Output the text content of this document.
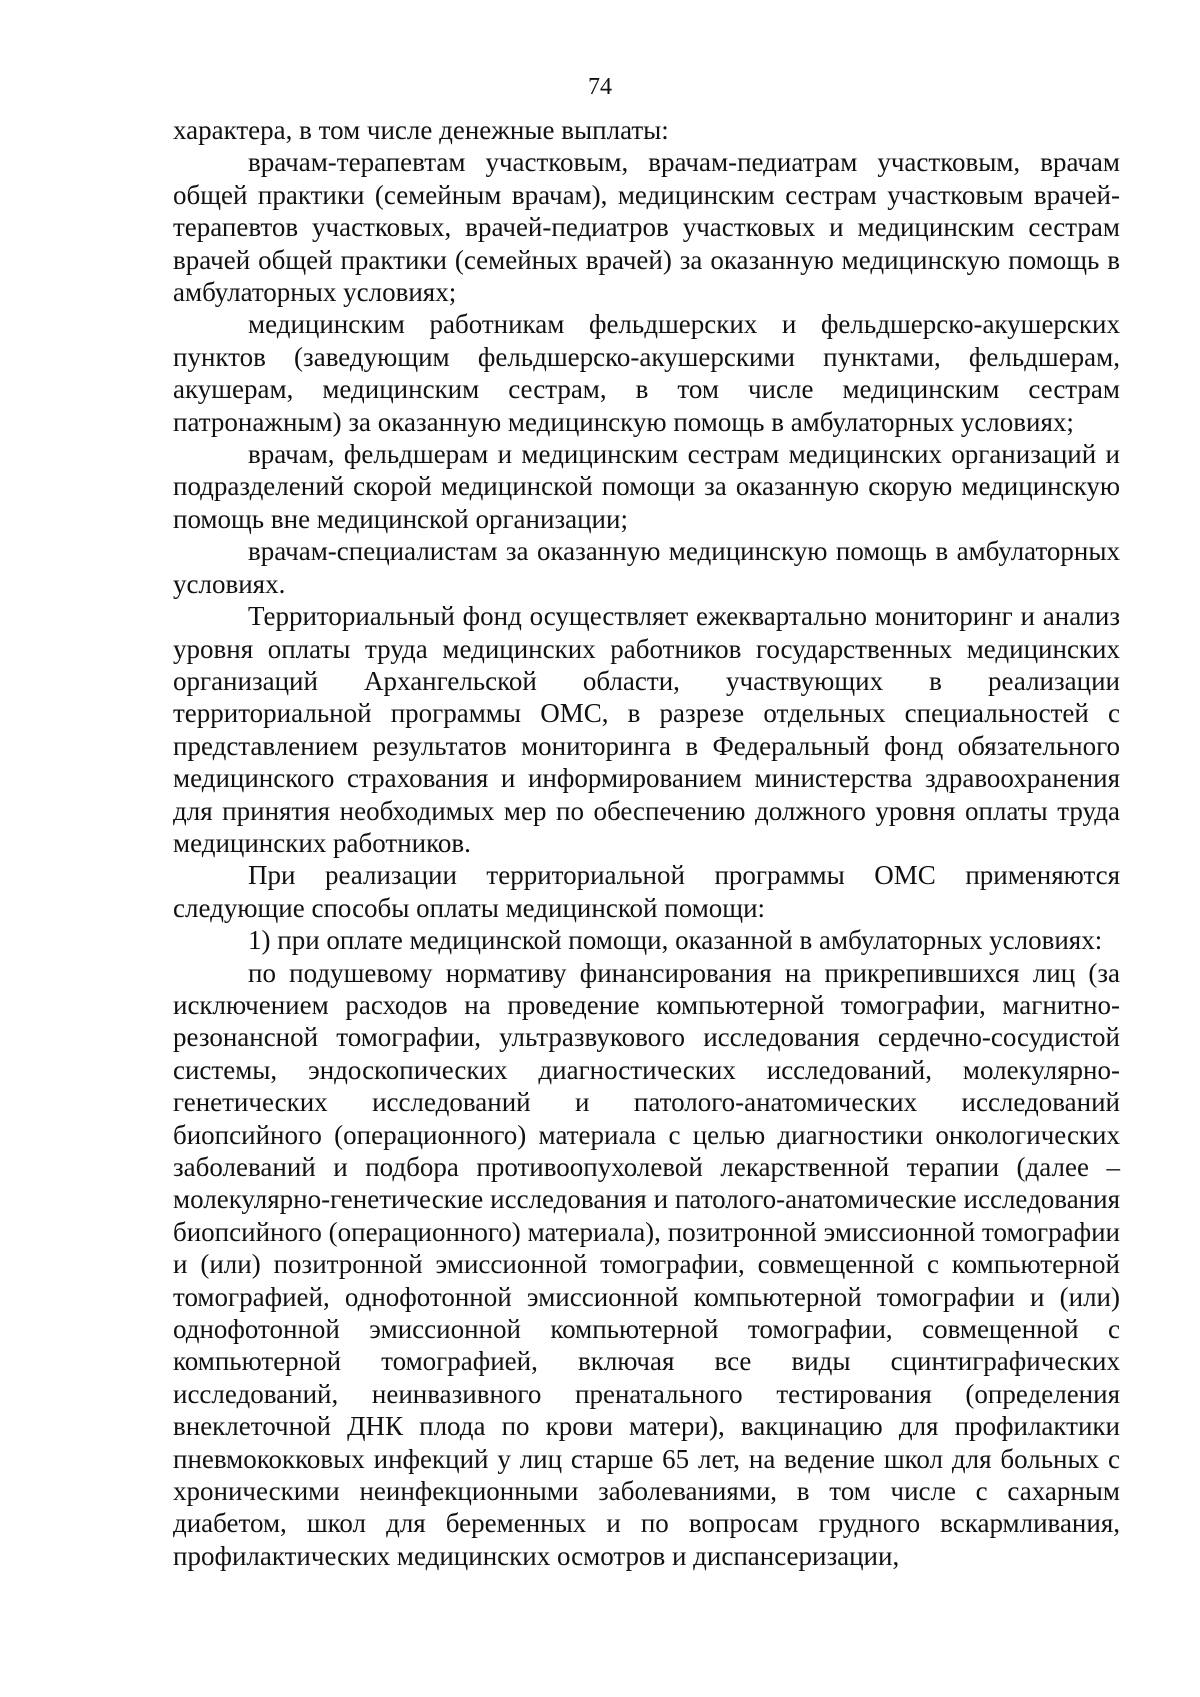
74

характера, в том числе денежные выплаты:

врачам-терапевтам участковым, врачам-педиатрам участковым, врачам общей практики (семейным врачам), медицинским сестрам участковым врачей-терапевтов участковых, врачей-педиатров участковых и медицинским сестрам врачей общей практики (семейных врачей) за оказанную медицинскую помощь в амбулаторных условиях;

медицинским работникам фельдшерских и фельдшерско-акушерских пунктов (заведующим фельдшерско-акушерскими пунктами, фельдшерам, акушерам, медицинским сестрам, в том числе медицинским сестрам патронажным) за оказанную медицинскую помощь в амбулаторных условиях;

врачам, фельдшерам и медицинским сестрам медицинских организаций и подразделений скорой медицинской помощи за оказанную скорую медицинскую помощь вне медицинской организации;

врачам-специалистам за оказанную медицинскую помощь в амбулаторных условиях.

Территориальный фонд осуществляет ежеквартально мониторинг и анализ уровня оплаты труда медицинских работников государственных медицинских организаций Архангельской области, участвующих в реализации территориальной программы ОМС, в разрезе отдельных специальностей с представлением результатов мониторинга в Федеральный фонд обязательного медицинского страхования и информированием министерства здравоохранения для принятия необходимых мер по обеспечению должного уровня оплаты труда медицинских работников.

При реализации территориальной программы ОМС применяются следующие способы оплаты медицинской помощи:

1) при оплате медицинской помощи, оказанной в амбулаторных условиях:

по подушевому нормативу финансирования на прикрепившихся лиц (за исключением расходов на проведение компьютерной томографии, магнитно-резонансной томографии, ультразвукового исследования сердечно-сосудистой системы, эндоскопических диагностических исследований, молекулярно-генетических исследований и патолого-анатомических исследований биопсийного (операционного) материала с целью диагностики онкологических заболеваний и подбора противоопухолевой лекарственной терапии (далее – молекулярно-генетические исследования и патолого-анатомические исследования биопсийного (операционного) материала), позитронной эмиссионной томографии и (или) позитронной эмиссионной томографии, совмещенной с компьютерной томографией, однофотонной эмиссионной компьютерной томографии и (или) однофотонной эмиссионной компьютерной томографии, совмещенной с компьютерной томографией, включая все виды сцинтиграфических исследований, неинвазивного пренатального тестирования (определения внеклеточной ДНК плода по крови матери), вакцинацию для профилактики пневмококковых инфекций у лиц старше 65 лет, на ведение школ для больных с хроническими неинфекционными заболеваниями, в том числе с сахарным диабетом, школ для беременных и по вопросам грудного вскармливания, профилактических медицинских осмотров и диспансеризации,
